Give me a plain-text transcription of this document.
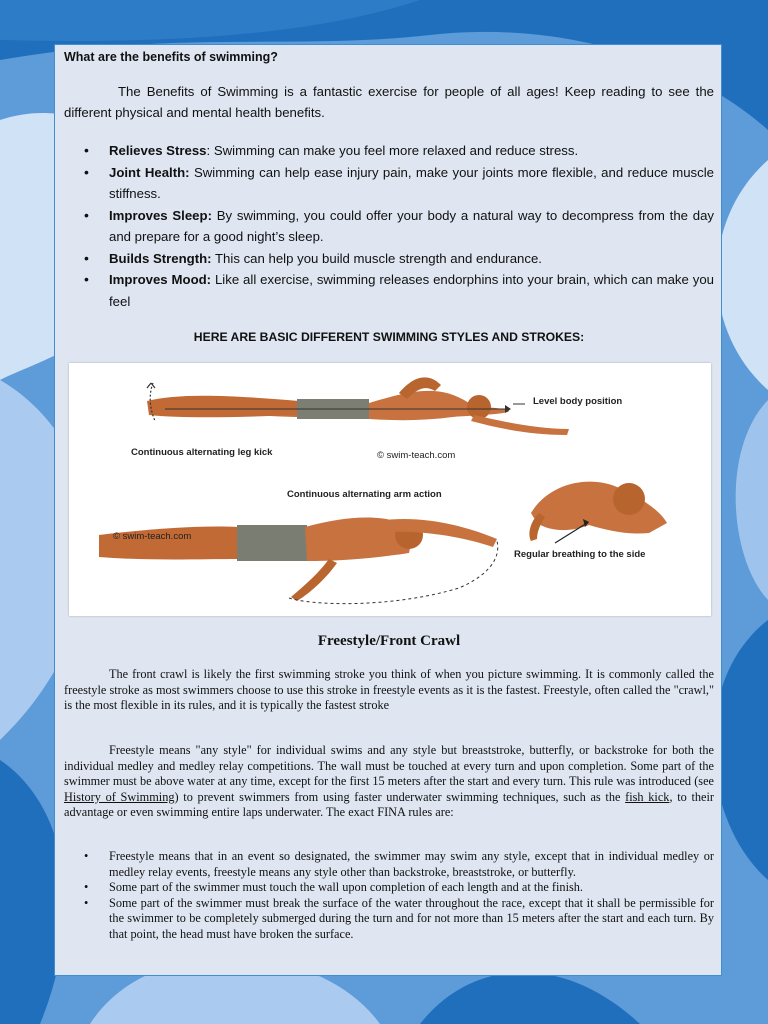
What are the benefits of swimming?
The Benefits of Swimming is a fantastic exercise for people of all ages! Keep reading to see the different physical and mental health benefits.
• Relieves Stress: Swimming can make you feel more relaxed and reduce stress.
• Joint Health: Swimming can help ease injury pain, make your joints more flexible, and reduce muscle stiffness.
• Improves Sleep: By swimming, you could offer your body a natural way to decompress from the day and prepare for a good night’s sleep.
• Builds Strength: This can help you build muscle strength and endurance.
• Improves Mood: Like all exercise, swimming releases endorphins into your brain, which can make you feel
HERE ARE BASIC DIFFERENT SWIMMING STYLES AND STROKES:
Level body position
Continuous alternating leg kick	© swim-teach.com
© swim-teach.com
Continuous alternating arm action
Regular breathing to the side
Freestyle/Front Crawl

The front crawl is likely the first swimming stroke you think of when you picture swimming. It is commonly called the freestyle stroke as most swimmers choose to use this stroke in freestyle events as it is the fastest. Freestyle, often called the "crawl," is the most flexible in its rules, and it is typically the fastest stroke

Freestyle means "any style" for individual swims and any style but breaststroke, butterfly, or backstroke for both the individual medley and medley relay competitions. The wall must be touched at every turn and upon completion. Some part of the swimmer must be above water at any time, except for the first 15 meters after the start and every turn. This rule was introduced (see History of Swimming) to prevent swimmers from using faster underwater swimming techniques, such as the fish kick, to their advantage or even swimming entire laps underwater. The exact FINA rules are:

• Freestyle means that in an event so designated, the swimmer may swim any style, except that in individual medley or medley relay events, freestyle means any style other than backstroke, breaststroke, or butterfly.
• Some part of the swimmer must touch the wall upon completion of each length and at the finish.
• Some part of the swimmer must break the surface of the water throughout the race, except that it shall be permissible for the swimmer to be completely submerged during the turn and for not more than 15 meters after the start and each turn. By that point, the head must have broken the surface.
